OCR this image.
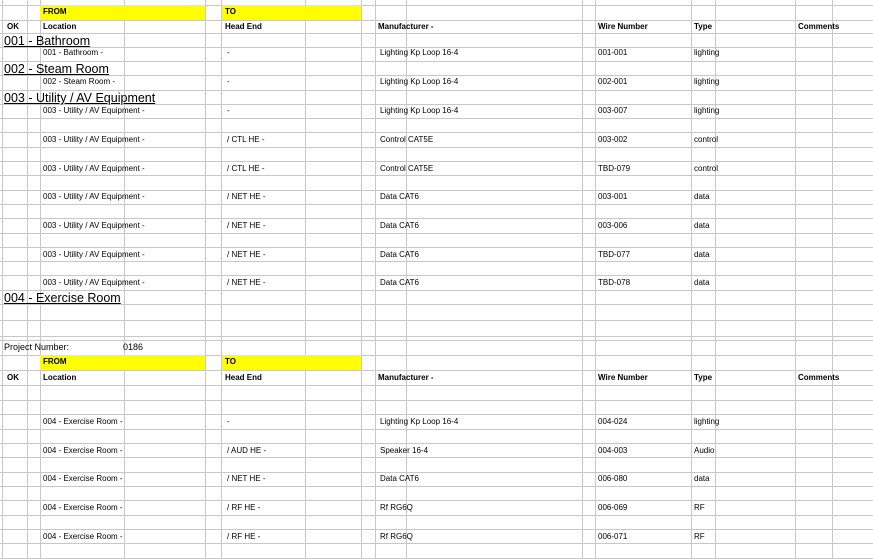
FROM	TO
OK	Location	Head End	Manufacturer -	Wire Number	Type	Comments
001 - Bathroom
002 - Steam Room
003 - Utility / AV Equipment
004 - Exercise Room
001 - Bathroom -	-	Lighting Kp Loop 16-4	001-001	lighting
002 - Steam Room -	-	Lighting Kp Loop 16-4	002-001	lighting
003 - Utility / AV Equipment -	-	Lighting Kp Loop 16-4	003-007	lighting
003 - Utility / AV Equipment -	/ CTL HE -	Control CAT5E	003-002	control
003 - Utility / AV Equipment -	/ CTL HE -	Control CAT5E	TBD-079	control
003 - Utility / AV Equipment -	/ NET HE -	Data CAT6	003-001	data
003 - Utility / AV Equipment -	/ NET HE -	Data CAT6	003-006	data
003 - Utility / AV Equipment -	/ NET HE -	Data CAT6	TBD-077	data
003 - Utility / AV Equipment -	/ NET HE -	Data CAT6	TBD-078	data
Project Number:	0186
FROM	TO
OK	Location	Head End	Manufacturer -	Wire Number	Type	Comments
004 - Exercise Room -	-	Lighting Kp Loop 16-4	004-024	lighting
004 - Exercise Room -	/ AUD HE -	Speaker 16-4	004-003	Audio
004 - Exercise Room -	/ NET HE -	Data CAT6	006-080	data
004 - Exercise Room -	/ RF HE -	Rf RG6Q	006-069	RF
004 - Exercise Room -	/ RF HE -	Rf RG6Q	006-071	RF
